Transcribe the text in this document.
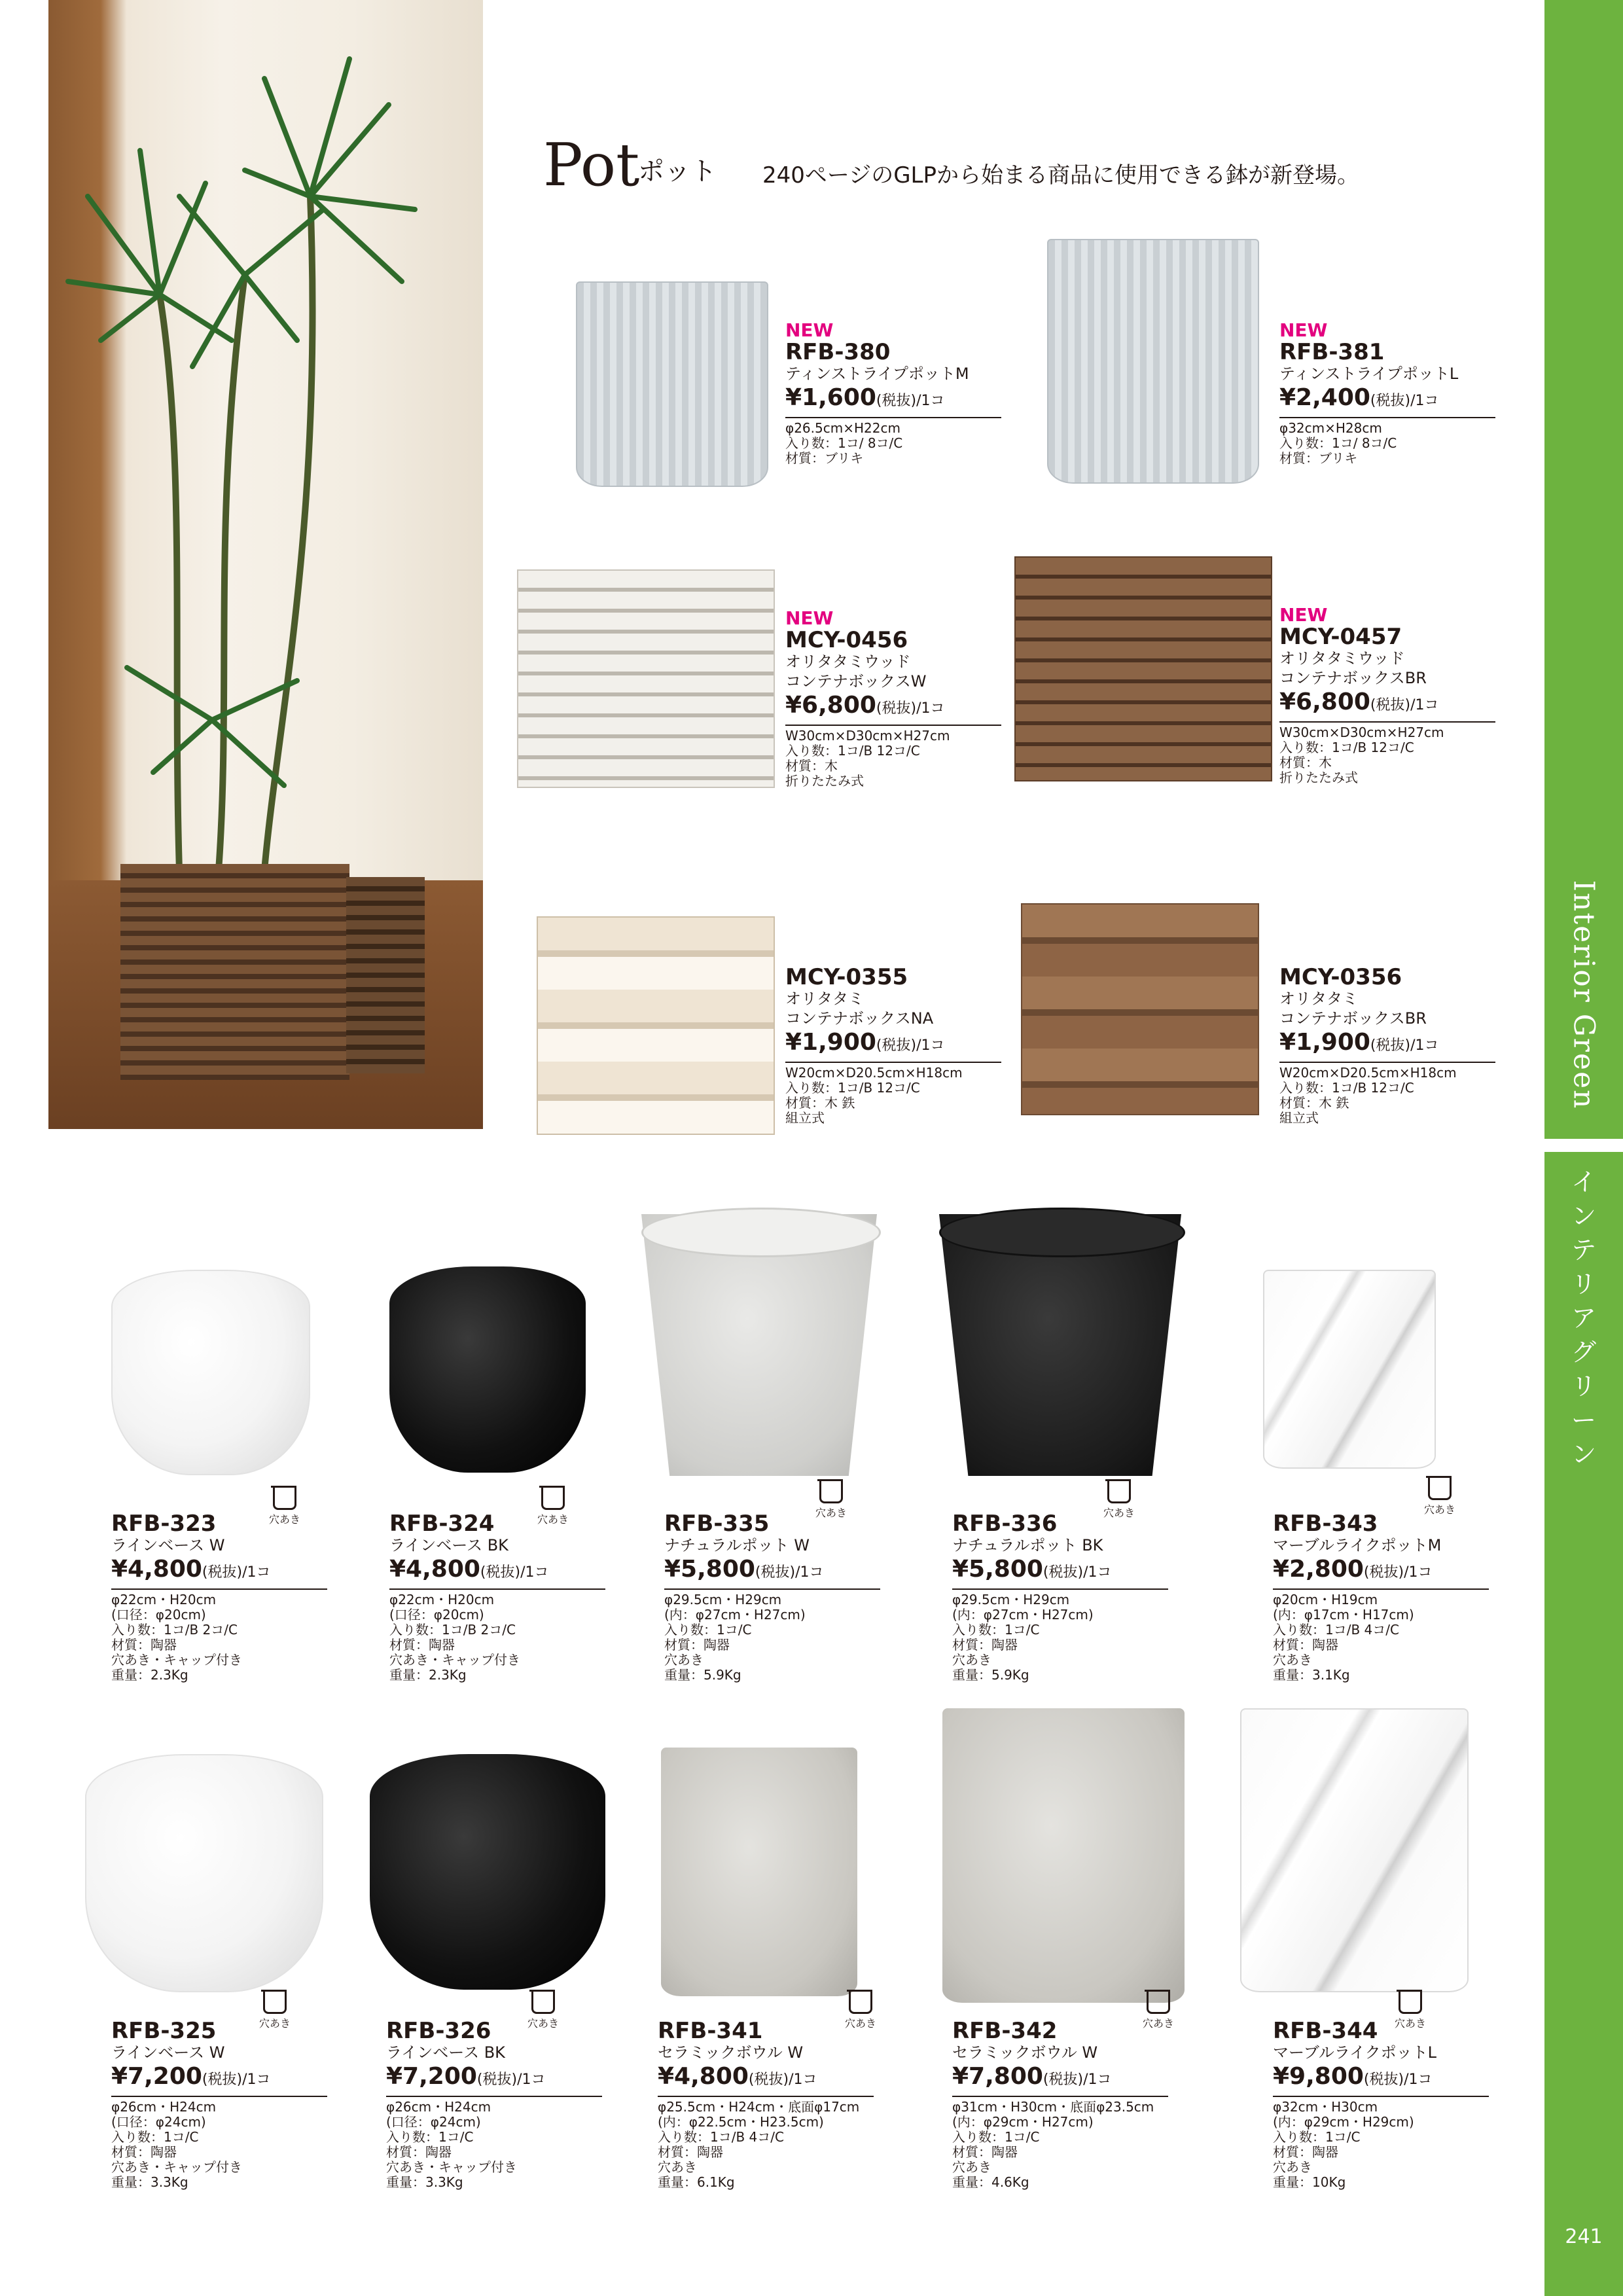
Interior Green
イ
ン
テ
リ
ア
グ
リ
ー
ン
241
Pot
ポット 240ページのGLPから始まる商品に使用できる鉢が新登場。
NEW
RFB-380
ティンストライプポットM
¥1,600(税抜)/1コ
φ26.5cm×H22cm
入り数：1コ/ 8コ/C
材質：ブリキ
NEW
RFB-381
ティンストライプポットL
¥2,400(税抜)/1コ
φ32cm×H28cm
入り数：1コ/ 8コ/C
材質：ブリキ
NEW
MCY-0456
オリタタミウッド
コンテナボックスW
¥6,800(税抜)/1コ
W30cm×D30cm×H27cm
入り数：1コ/B 12コ/C
材質：木
折りたたみ式
NEW
MCY-0457
オリタタミウッド
コンテナボックスBR
¥6,800(税抜)/1コ
W30cm×D30cm×H27cm
入り数：1コ/B 12コ/C
材質：木
折りたたみ式
MCY-0355
オリタタミ
コンテナボックスNA
¥1,900(税抜)/1コ
W20cm×D20.5cm×H18cm
入り数：1コ/B 12コ/C
材質：木 鉄
組立式
MCY-0356
オリタタミ
コンテナボックスBR
¥1,900(税抜)/1コ
W20cm×D20.5cm×H18cm
入り数：1コ/B 12コ/C
材質：木 鉄
組立式
穴あき	穴あき
穴あき	穴あき	穴あき
RFB-323
ラインベース W
¥4,800(税抜)/1コ
φ22cm・H20cm
(口径：φ20cm)
入り数：1コ/B 2コ/C
材質：陶器
穴あき・キャップ付き
重量：2.3Kg
RFB-324
ラインベース BK
¥4,800(税抜)/1コ
φ22cm・H20cm
(口径：φ20cm)
入り数：1コ/B 2コ/C
材質：陶器
穴あき・キャップ付き
重量：2.3Kg
RFB-335
ナチュラルポット W
¥5,800(税抜)/1コ
φ29.5cm・H29cm
(内：φ27cm・H27cm)
入り数：1コ/C
材質：陶器
穴あき
重量：5.9Kg
RFB-336
ナチュラルポット BK
¥5,800(税抜)/1コ
φ29.5cm・H29cm
(内：φ27cm・H27cm)
入り数：1コ/C
材質：陶器
穴あき
重量：5.9Kg
RFB-343
マーブルライクポットM
¥2,800(税抜)/1コ
φ20cm・H19cm
(内：φ17cm・H17cm)
入り数：1コ/B 4コ/C
材質：陶器
穴あき
重量：3.1Kg
穴あき	穴あき	穴あき	穴あき	穴あき
RFB-325
ラインベース W
¥7,200(税抜)/1コ
φ26cm・H24cm
(口径：φ24cm)
入り数：1コ/C
材質：陶器
穴あき・キャップ付き
重量：3.3Kg
RFB-326
ラインベース BK
¥7,200(税抜)/1コ
φ26cm・H24cm
(口径：φ24cm)
入り数：1コ/C
材質：陶器
穴あき・キャップ付き
重量：3.3Kg
RFB-341
セラミックボウル W
¥4,800(税抜)/1コ
φ25.5cm・H24cm・底面φ17cm
(内：φ22.5cm・H23.5cm)
入り数：1コ/B 4コ/C
材質：陶器
穴あき
重量：6.1Kg
RFB-342
セラミックボウル W
¥7,800(税抜)/1コ
φ31cm・H30cm・底面φ23.5cm
(内：φ29cm・H27cm)
入り数：1コ/C
材質：陶器
穴あき
重量：4.6Kg
RFB-344
マーブルライクポットL
¥9,800(税抜)/1コ
φ32cm・H30cm
(内：φ29cm・H29cm)
入り数：1コ/C
材質：陶器
穴あき
重量：10Kg
